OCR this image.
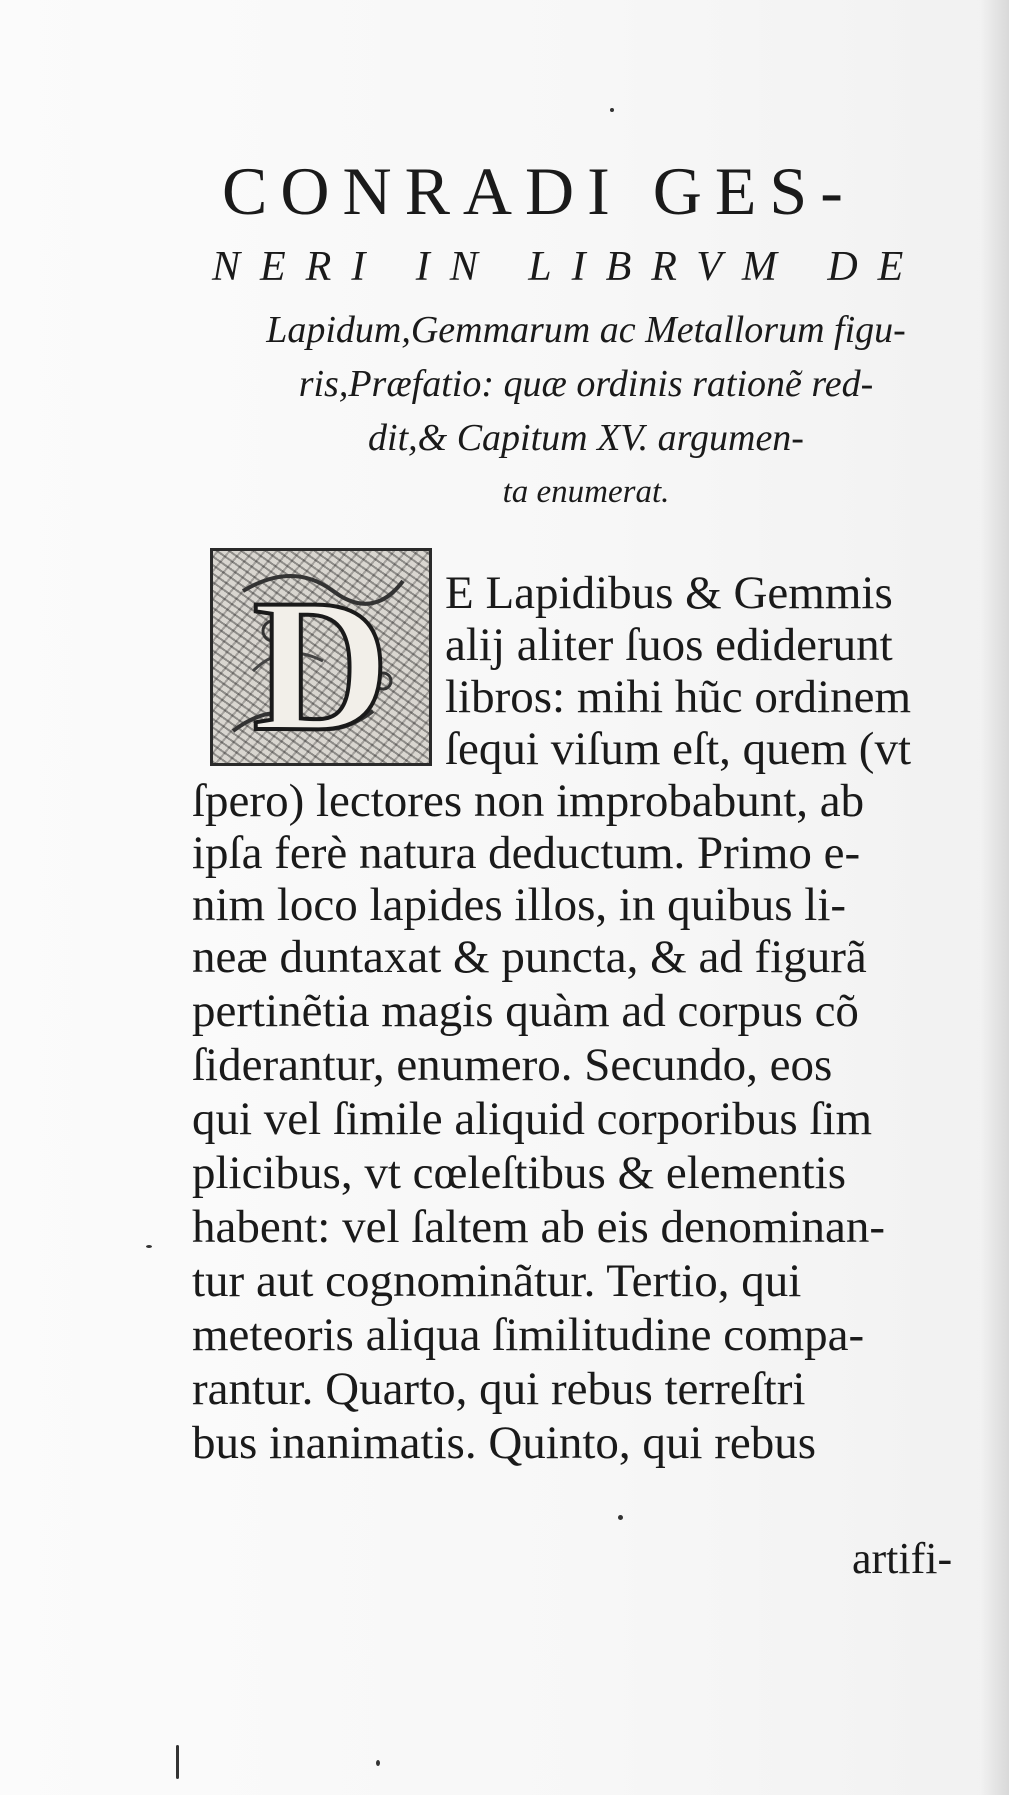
CONRADI GES-
NERI IN LIBRVM DE
Lapidum,Gemmarum ac Metallorum figu-
ris,Præfatio: quæ ordinis rationẽ red-
dit,& Capitum XV. argumen-
ta enumerat.
D E Lapidibus & Gemmis
alij aliter ſuos ediderunt
libros: mihi hũc ordinem
ſequi viſum eſt, quem (vt
ſpero) lectores non improbabunt, ab
ipſa ferè natura deductum. Primo e-
nim loco lapides illos, in quibus li-
neæ duntaxat & puncta, & ad figurã
pertinẽtia magis quàm ad corpus cõ
ſiderantur, enumero. Secundo, eos
qui vel ſimile aliquid corporibus ſim
plicibus, vt cœleſtibus & elementis
habent: vel ſaltem ab eis denominan-
tur aut cognominãtur. Tertio, qui
meteoris aliqua ſimilitudine compa-
rantur. Quarto, qui rebus terreſtri
bus inanimatis. Quinto, qui rebus
artifi-
